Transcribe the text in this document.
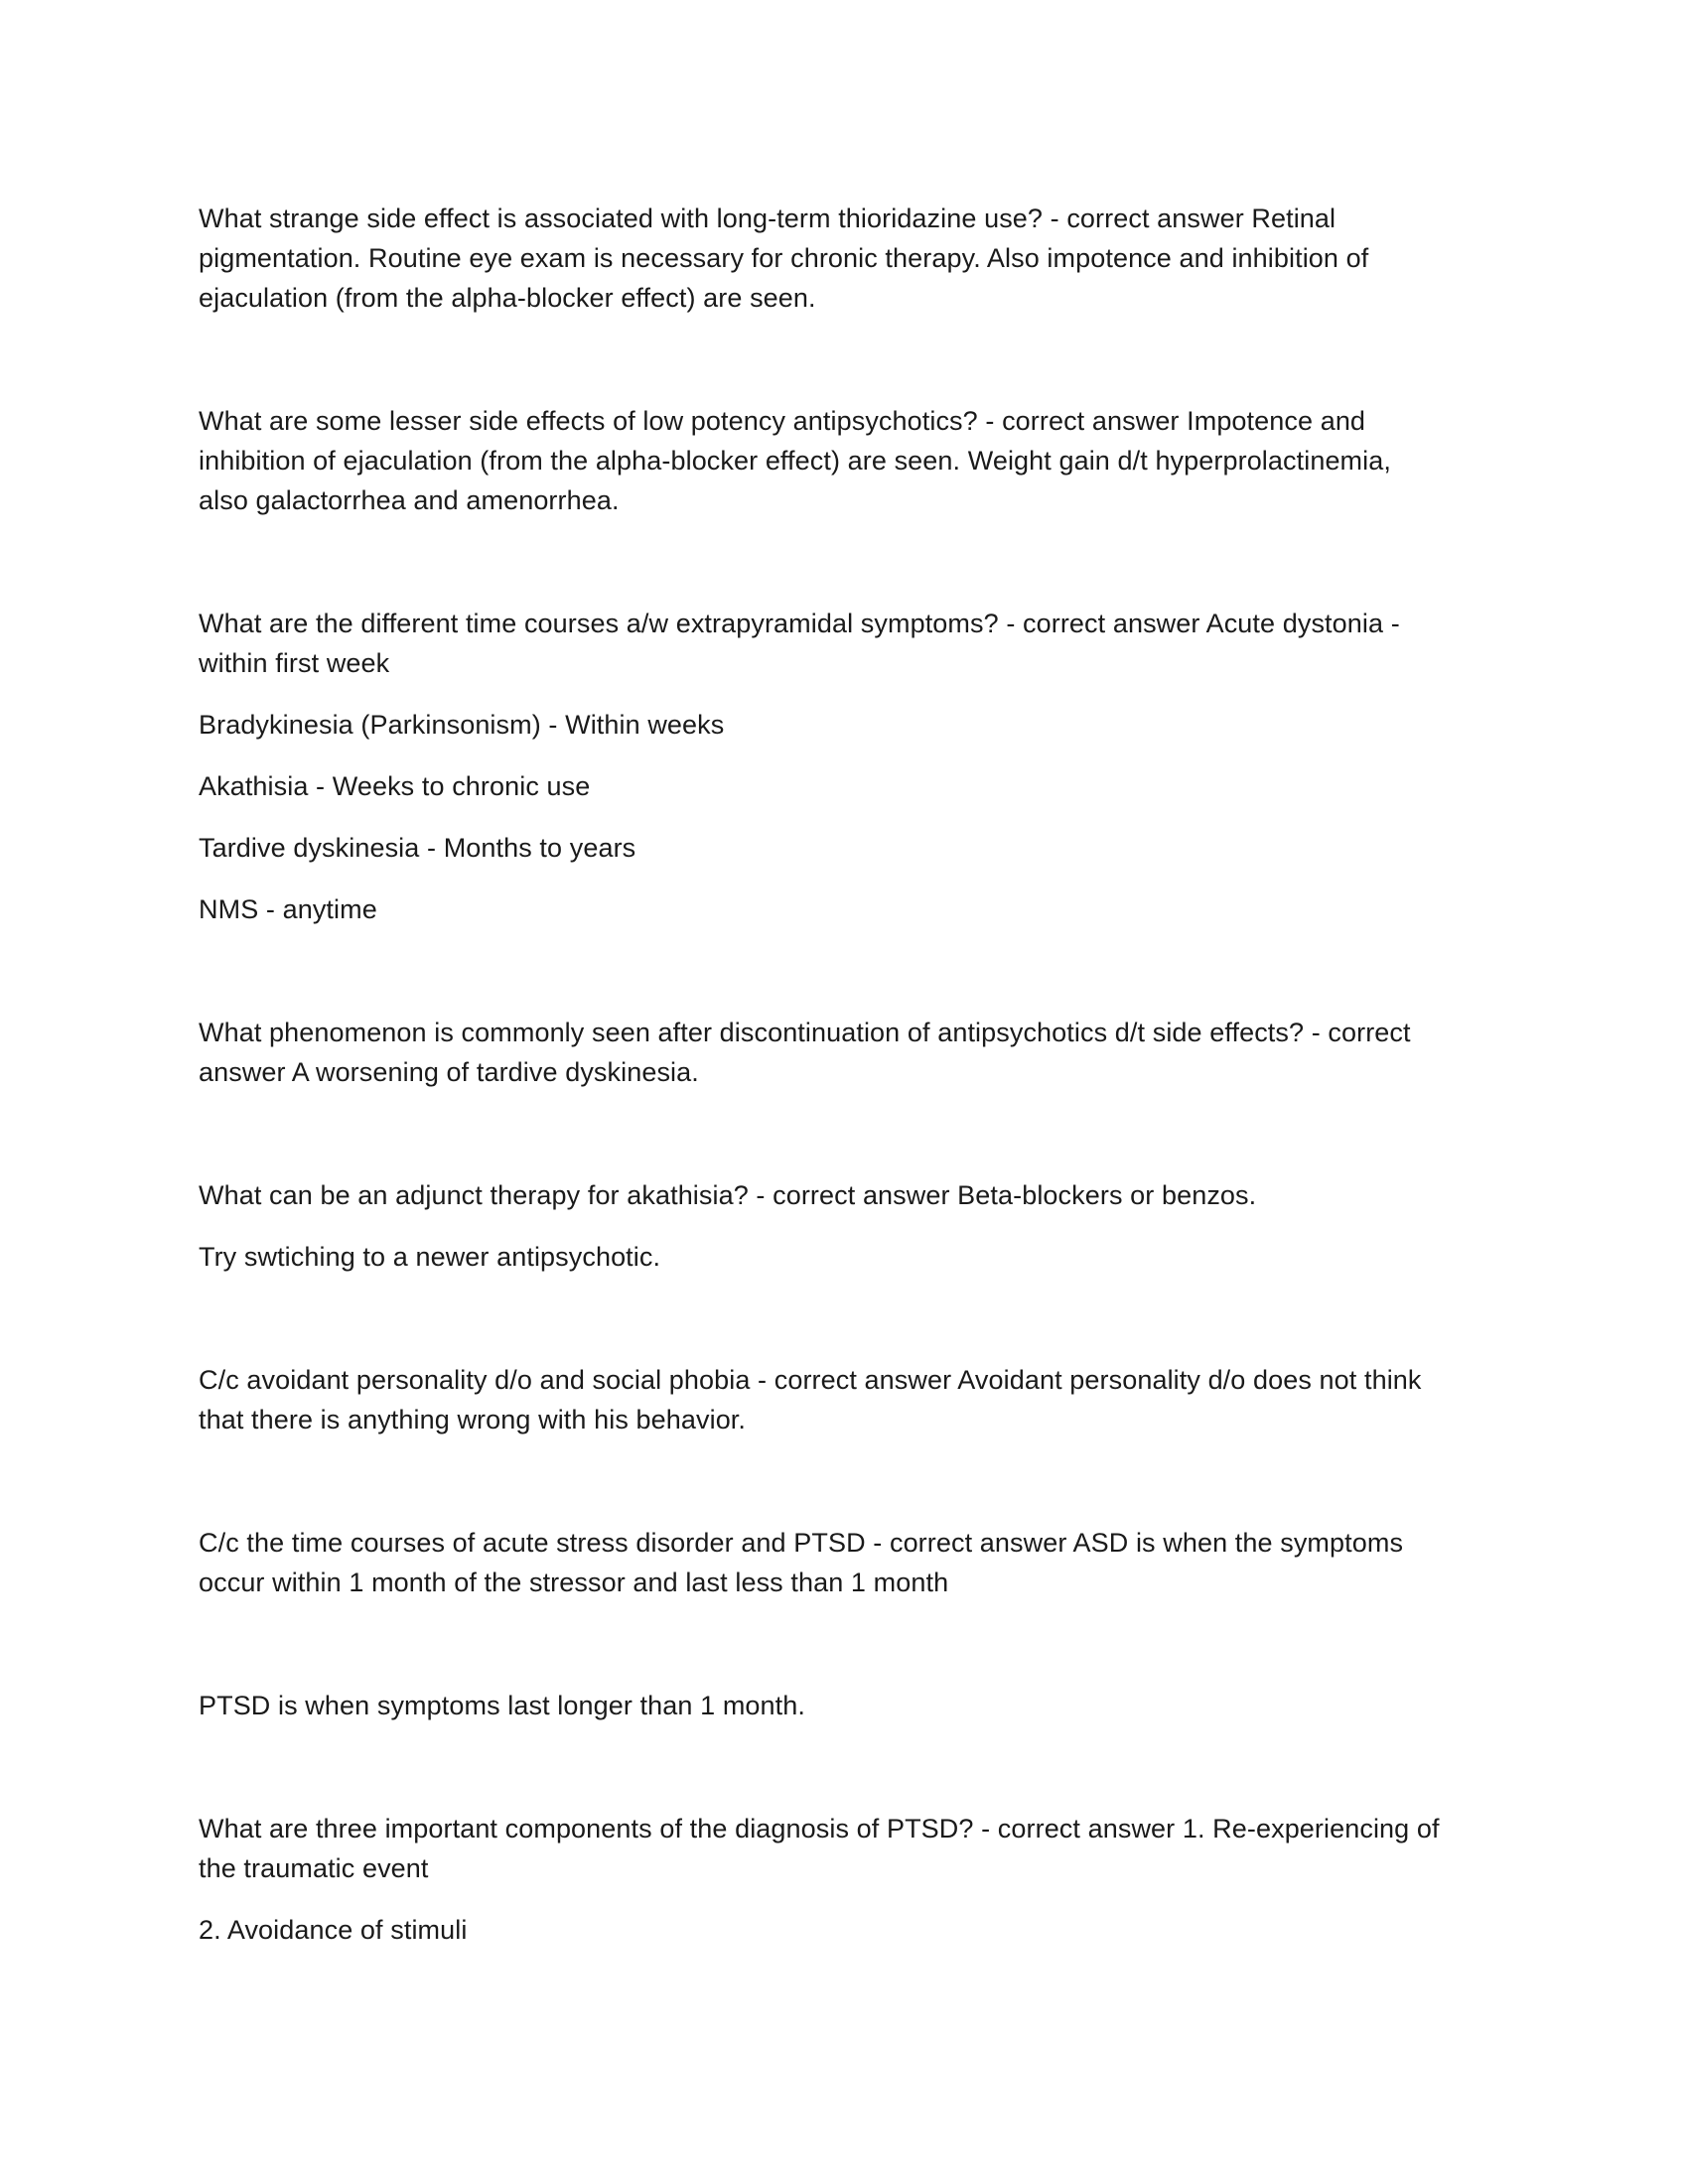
What strange side effect is associated with long-term thioridazine use? - correct answer Retinal
pigmentation. Routine eye exam is necessary for chronic therapy. Also impotence and inhibition of
ejaculation (from the alpha-blocker effect) are seen.
What are some lesser side effects of low potency antipsychotics? - correct answer Impotence and
inhibition of ejaculation (from the alpha-blocker effect) are seen. Weight gain d/t hyperprolactinemia,
also galactorrhea and amenorrhea.
What are the different time courses a/w extrapyramidal symptoms? - correct answer Acute dystonia -
within first week
Bradykinesia (Parkinsonism) - Within weeks
Akathisia - Weeks to chronic use
Tardive dyskinesia - Months to years
NMS - anytime
What phenomenon is commonly seen after discontinuation of antipsychotics d/t side effects? - correct
answer A worsening of tardive dyskinesia.
What can be an adjunct therapy for akathisia? - correct answer Beta-blockers or benzos.
Try swtiching to a newer antipsychotic.
C/c avoidant personality d/o and social phobia - correct answer Avoidant personality d/o does not think
that there is anything wrong with his behavior.
C/c the time courses of acute stress disorder and PTSD - correct answer ASD is when the symptoms
occur within 1 month of the stressor and last less than 1 month
PTSD is when symptoms last longer than 1 month.
What are three important components of the diagnosis of PTSD? - correct answer 1. Re-experiencing of
the traumatic event
2. Avoidance of stimuli
